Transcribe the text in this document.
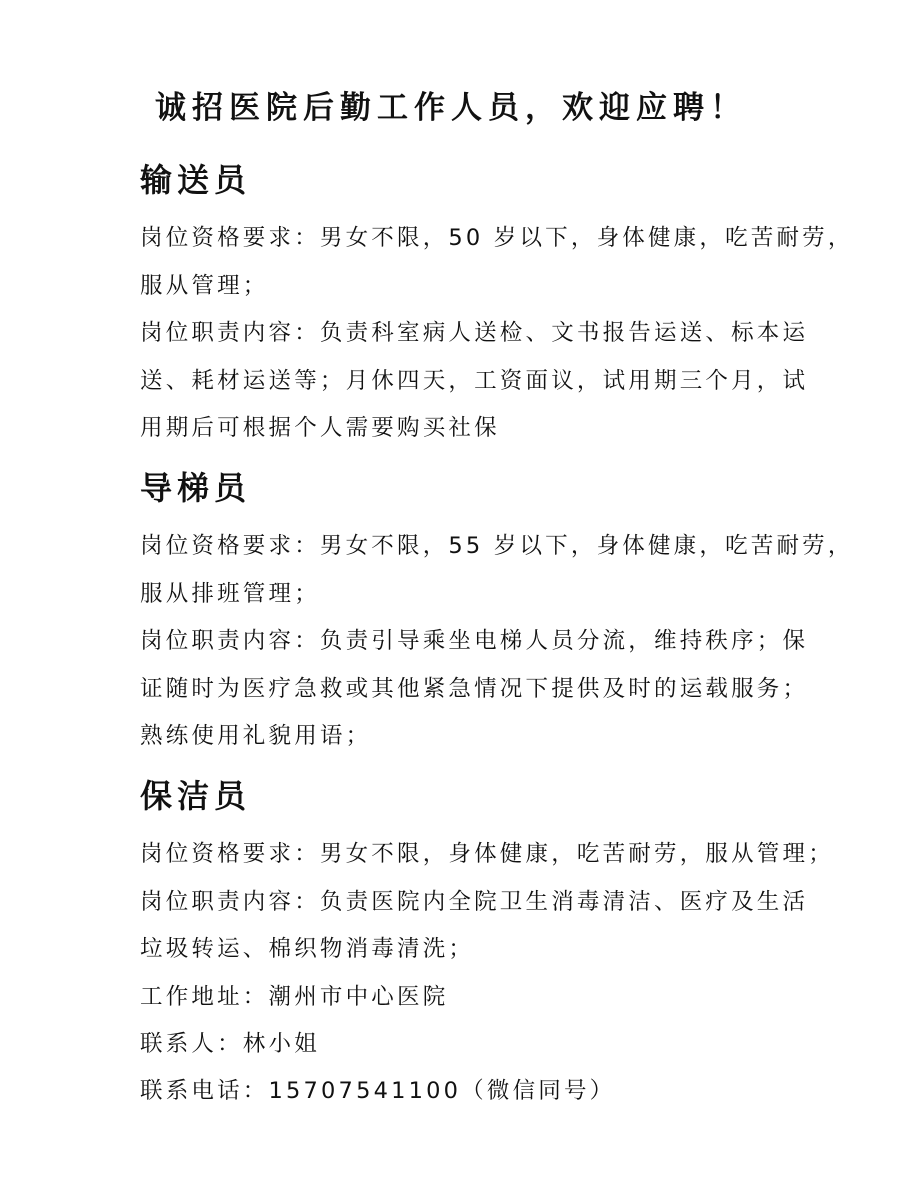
诚招医院后勤工作人员，欢迎应聘！
输送员

岗位资格要求：男女不限，50 岁以下，身体健康，吃苦耐劳，
服从管理；

岗位职责内容：负责科室病人送检、文书报告运送、标本运
送、耗材运送等；月休四天，工资面议，试用期三个月，试
用期后可根据个人需要购买社保

导梯员

岗位资格要求：男女不限，55 岁以下，身体健康，吃苦耐劳，
服从排班管理；

岗位职责内容：负责引导乘坐电梯人员分流，维持秩序；保
证随时为医疗急救或其他紧急情况下提供及时的运载服务；
熟练使用礼貌用语；

保洁员

岗位资格要求：男女不限，身体健康，吃苦耐劳，服从管理；

岗位职责内容：负责医院内全院卫生消毒清洁、医疗及生活
垃圾转运、棉织物消毒清洗；

工作地址：潮州市中心医院

联系人：林小姐

联系电话：15707541100（微信同号）
